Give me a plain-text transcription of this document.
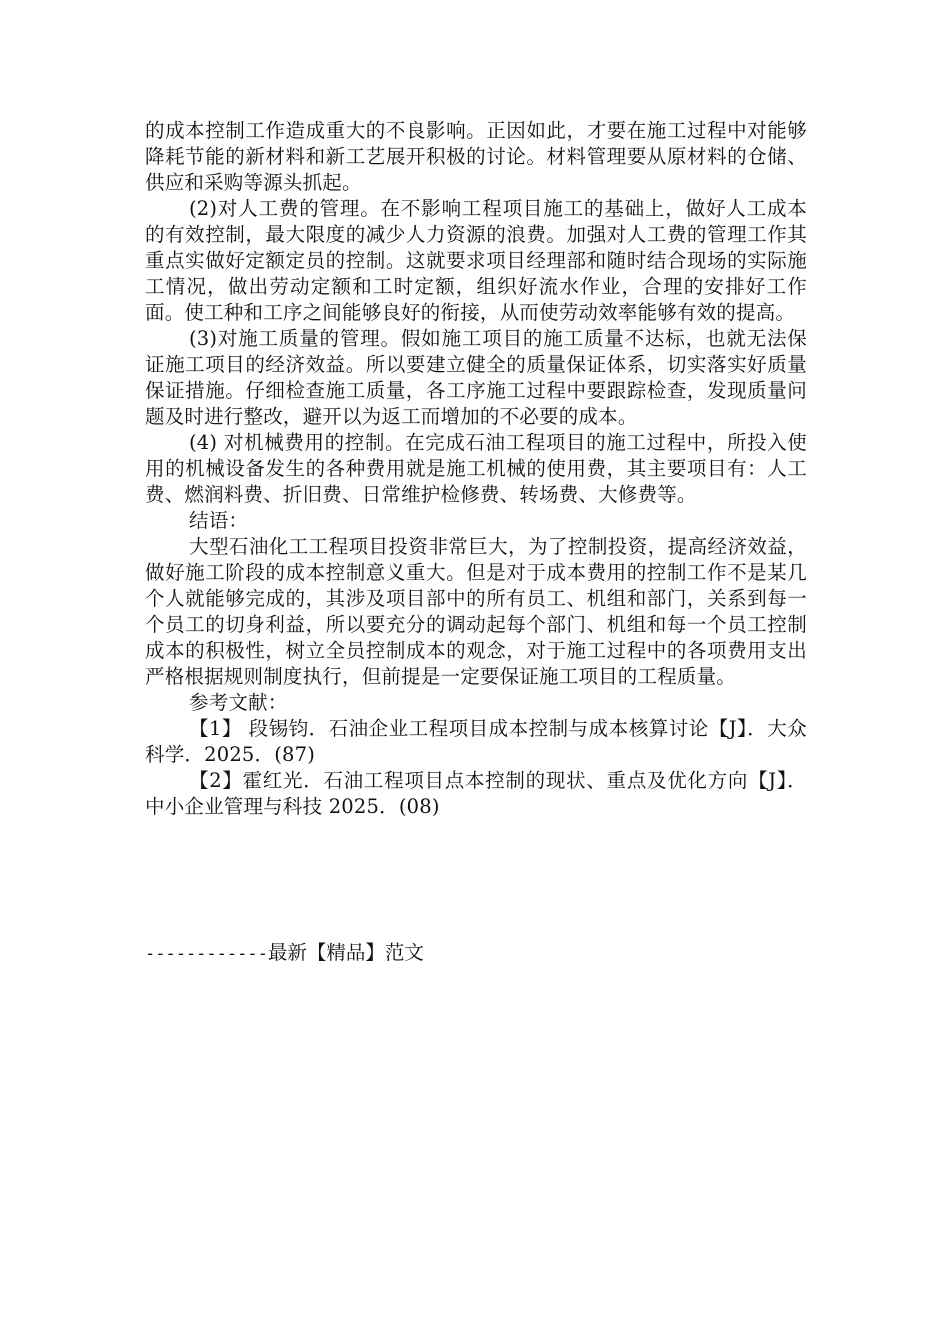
的成本控制工作造成重大的不良影响。正因如此，才要在施工过程中对能够降耗节能的新材料和新工艺展开积极的讨论。材料管理要从原材料的仓储、供应和采购等源头抓起。

(2)对人工费的管理。在不影响工程项目施工的基础上，做好人工成本的有效控制，最大限度的减少人力资源的浪费。加强对人工费的管理工作其重点实做好定额定员的控制。这就要求项目经理部和随时结合现场的实际施工情况，做出劳动定额和工时定额，组织好流水作业，合理的安排好工作面。使工种和工序之间能够良好的衔接，从而使劳动效率能够有效的提高。

(3)对施工质量的管理。假如施工项目的施工质量不达标，也就无法保证施工项目的经济效益。所以要建立健全的质量保证体系，切实落实好质量保证措施。仔细检查施工质量，各工序施工过程中要跟踪检查，发现质量问题及时进行整改，避开以为返工而增加的不必要的成本。

(4) 对机械费用的控制。在完成石油工程项目的施工过程中，所投入使用的机械设备发生的各种费用就是施工机械的使用费，其主要项目有：人工费、燃润料费、折旧费、日常维护检修费、转场费、大修费等。

结语：

大型石油化工工程项目投资非常巨大，为了控制投资，提高经济效益，做好施工阶段的成本控制意义重大。但是对于成本费用的控制工作不是某几个人就能够完成的，其涉及项目部中的所有员工、机组和部门，关系到每一个员工的切身利益，所以要充分的调动起每个部门、机组和每一个员工控制成本的积极性，树立全员控制成本的观念，对于施工过程中的各项费用支出严格根据规则制度执行，但前提是一定要保证施工项目的工程质量。

参考文献：

【1】 段锡钧．石油企业工程项目成本控制与成本核算讨论【J】．大众科学．2025．(87)

【2】霍红光．石油工程项目点本控制的现状、重点及优化方向【J】．中小企业管理与科技 2025．(08)

------------最新【精品】范文
